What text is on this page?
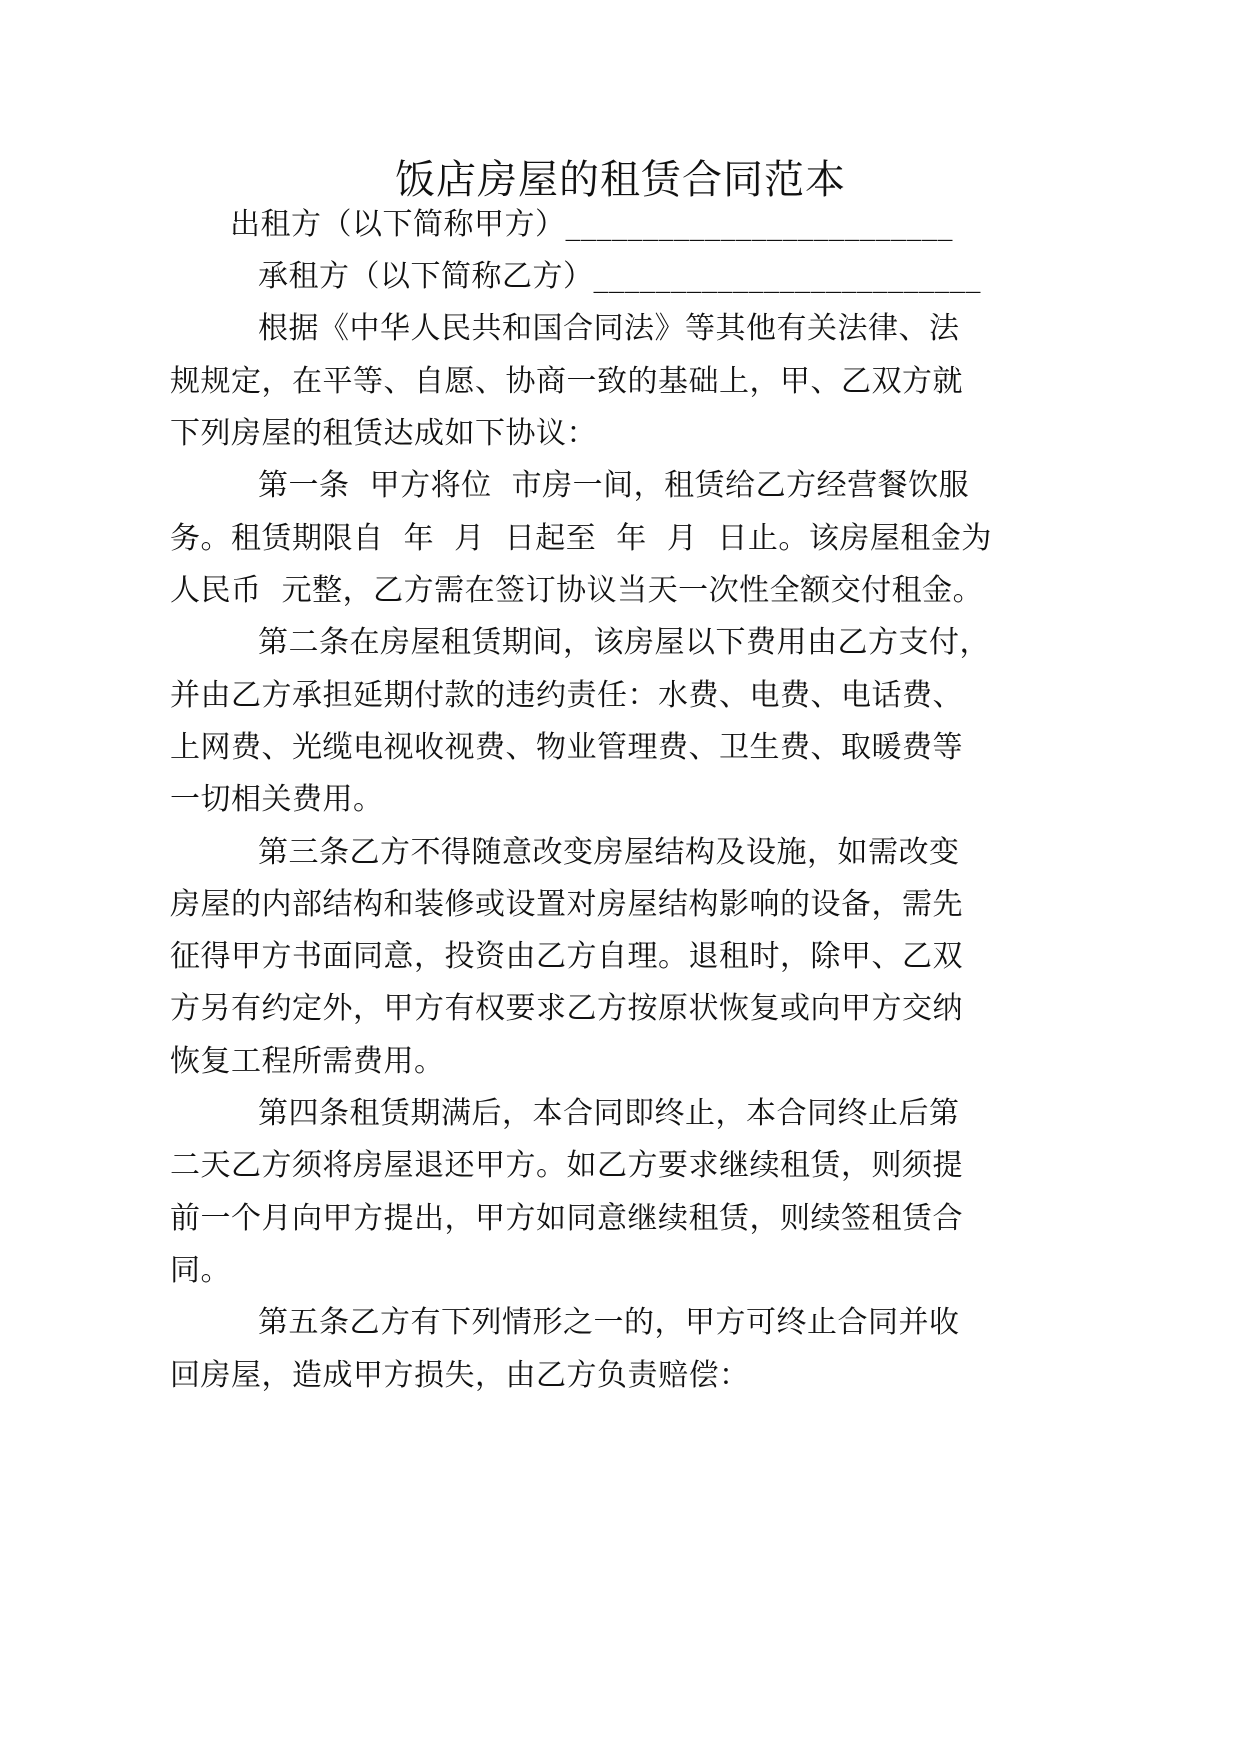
饭店房屋的租赁合同范本
出租方（以下简称甲方）_________________________
承租方（以下简称乙方）_________________________
根据《中华人民共和国合同法》等其他有关法律、法
规规定，在平等、自愿、协商一致的基础上，甲、乙双方就
下列房屋的租赁达成如下协议：
第一条  甲方将位  市房一间，租赁给乙方经营餐饮服
务。租赁期限自  年  月  日起至  年  月  日止。该房屋租金为
人民币  元整，乙方需在签订协议当天一次性全额交付租金。
第二条在房屋租赁期间，该房屋以下费用由乙方支付，
并由乙方承担延期付款的违约责任：水费、电费、电话费、
上网费、光缆电视收视费、物业管理费、卫生费、取暖费等
一切相关费用。
第三条乙方不得随意改变房屋结构及设施，如需改变
房屋的内部结构和装修或设置对房屋结构影响的设备，需先
征得甲方书面同意，投资由乙方自理。退租时，除甲、乙双
方另有约定外，甲方有权要求乙方按原状恢复或向甲方交纳
恢复工程所需费用。
第四条租赁期满后，本合同即终止，本合同终止后第
二天乙方须将房屋退还甲方。如乙方要求继续租赁，则须提
前一个月向甲方提出，甲方如同意继续租赁，则续签租赁合
同。
第五条乙方有下列情形之一的，甲方可终止合同并收
回房屋，造成甲方损失，由乙方负责赔偿：
